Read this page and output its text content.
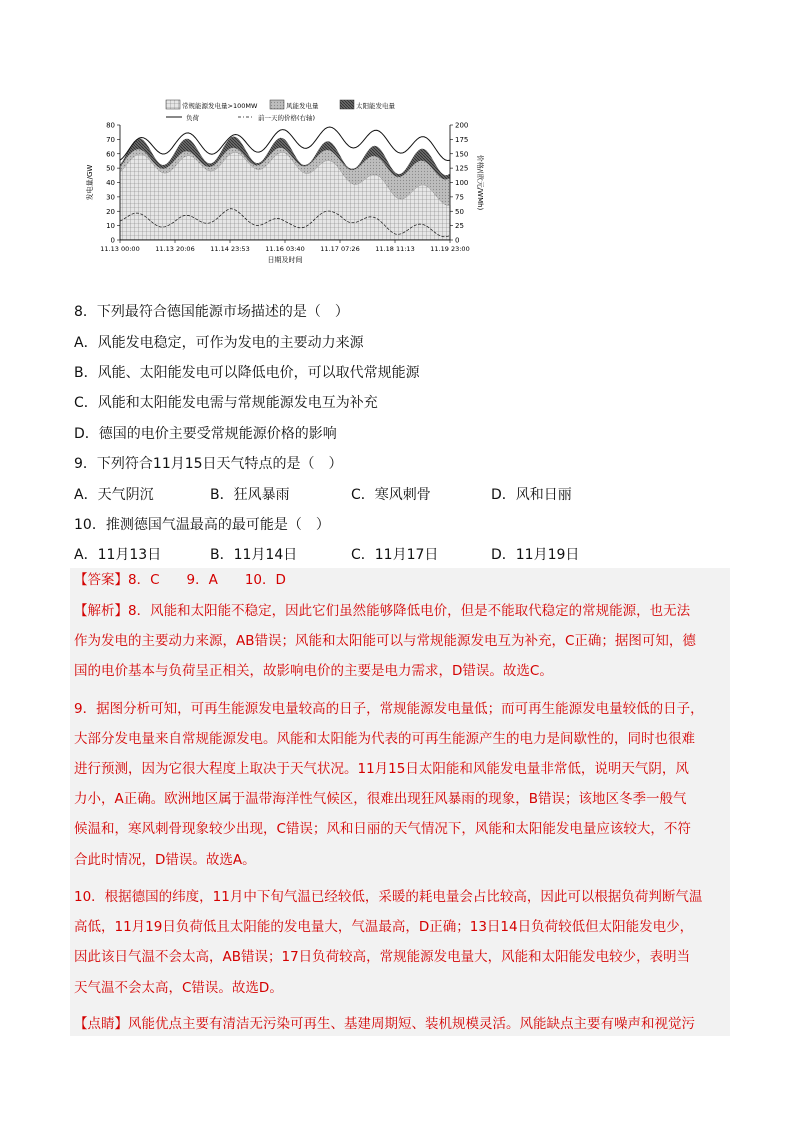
常规能源发电量>100MW	风能发电量	太阳能发电量
负荷	前一天的价格(右轴)
0
10
20
30
40
50
60
70
80
0
25
50
75
100
125
150
175
200
11.13 00:00 11.13 20:06 11.14 23:53 11.16 03:40 11.17 07:26 11.18 11:13 11.19 23:00
日期及时间
发电量/GW	价格/(欧元/WMh)
8．下列最符合德国能源市场描述的是（　）
A．风能发电稳定，可作为发电的主要动力来源
B．风能、太阳能发电可以降低电价，可以取代常规能源
C．风能和太阳能发电需与常规能源发电互为补充
D．德国的电价主要受常规能源价格的影响
9．下列符合11月15日天气特点的是（　）
A．天气阴沉	B．狂风暴雨	C．寒风刺骨	D．风和日丽
10．推测德国气温最高的最可能是（　）
A．11月13日	B．11月14日	C．11月17日	D．11月19日
【答案】8．C　　9．A　　10．D
【解析】8．风能和太阳能不稳定，因此它们虽然能够降低电价，但是不能取代稳定的常规能源，也无法
作为发电的主要动力来源，AB错误；风能和太阳能可以与常规能源发电互为补充，C正确；据图可知，德
国的电价基本与负荷呈正相关，故影响电价的主要是电力需求，D错误。故选C。
9．据图分析可知，可再生能源发电量较高的日子，常规能源发电量低；而可再生能源发电量较低的日子，
大部分发电量来自常规能源发电。风能和太阳能为代表的可再生能源产生的电力是间歇性的，同时也很难
进行预测，因为它很大程度上取决于天气状况。11月15日太阳能和风能发电量非常低，说明天气阴，风
力小，A正确。欧洲地区属于温带海洋性气候区，很难出现狂风暴雨的现象，B错误；该地区冬季一般气
候温和，寒风刺骨现象较少出现，C错误；风和日丽的天气情况下，风能和太阳能发电量应该较大，不符
合此时情况，D错误。故选A。
10．根据德国的纬度，11月中下旬气温已经较低，采暖的耗电量会占比较高，因此可以根据负荷判断气温
高低，11月19日负荷低且太阳能的发电量大，气温最高，D正确；13日14日负荷较低但太阳能发电少，
因此该日气温不会太高，AB错误；17日负荷较高，常规能源发电量大，风能和太阳能发电较少，表明当
天气温不会太高，C错误。故选D。
【点睛】风能优点主要有清洁无污染可再生、基建周期短、装机规模灵活。风能缺点主要有噪声和视觉污
